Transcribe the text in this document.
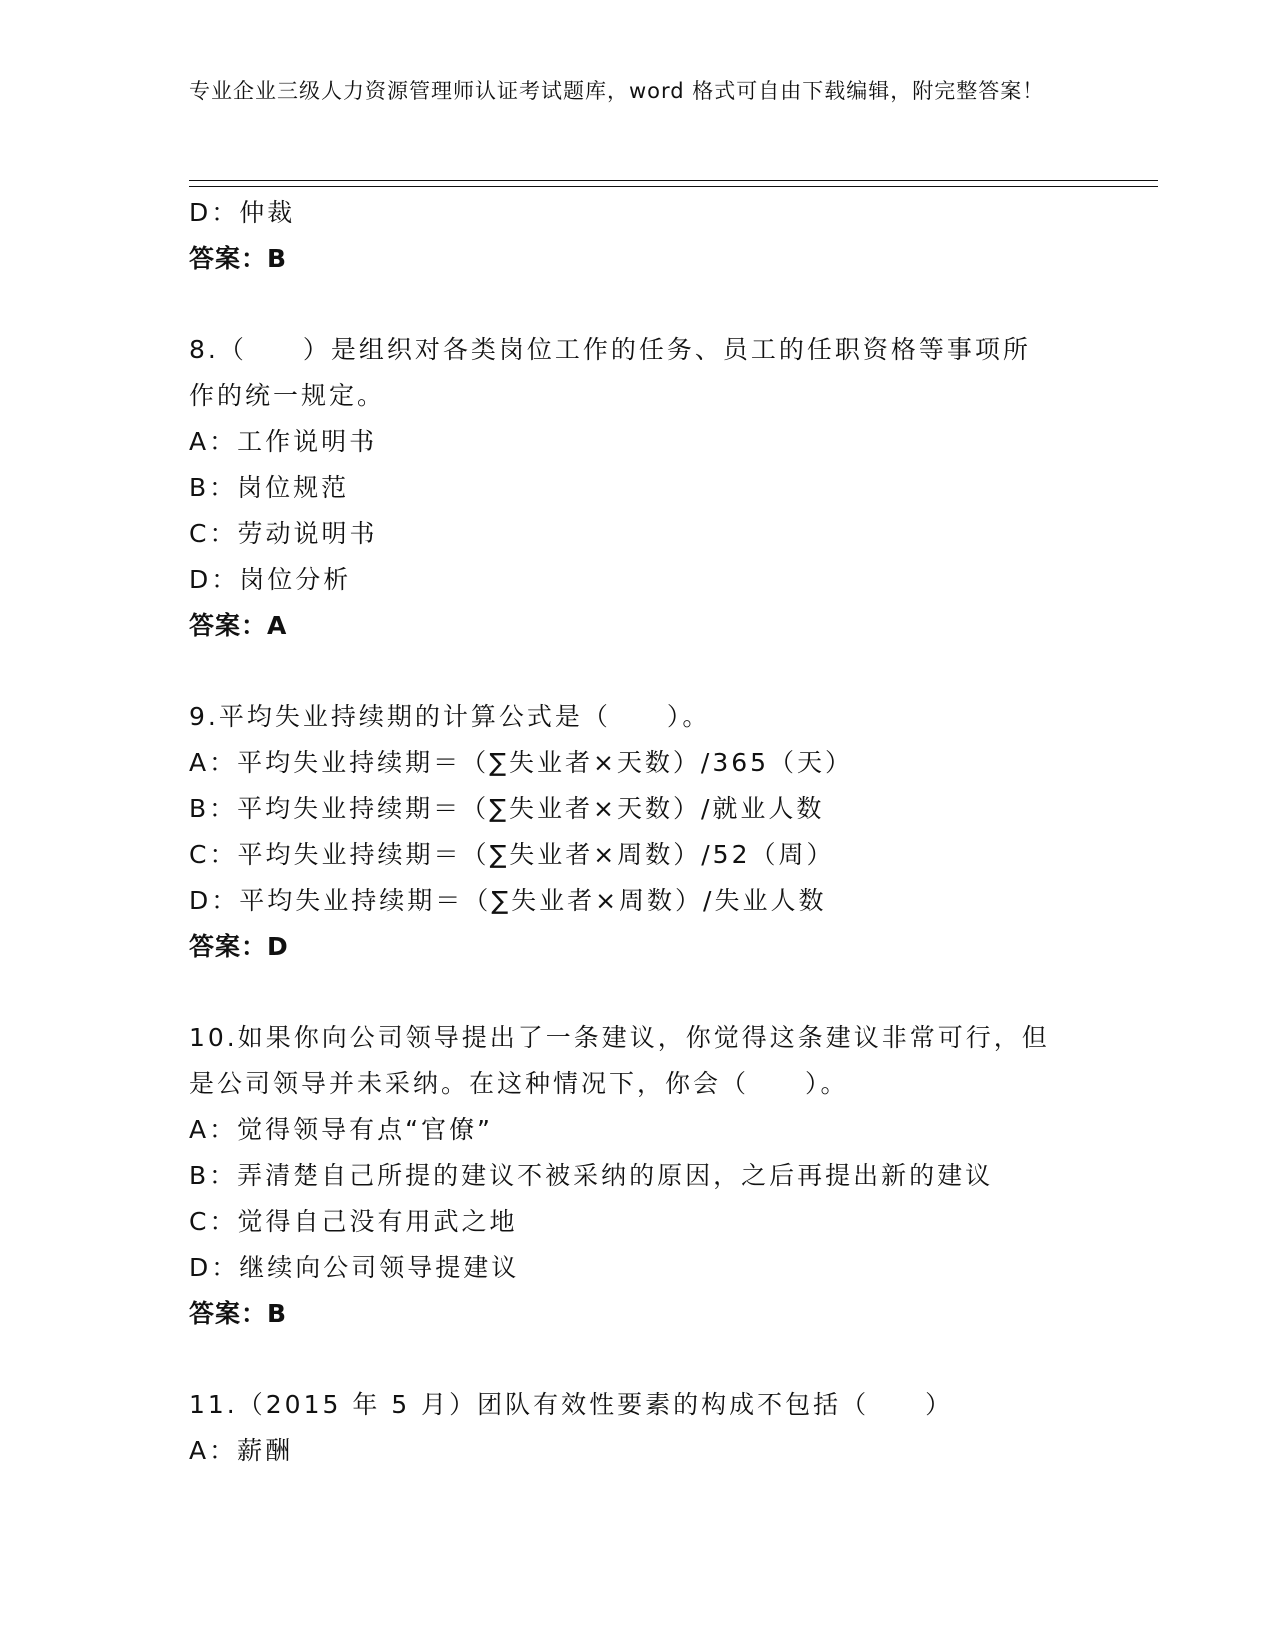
专业企业三级人力资源管理师认证考试题库，word 格式可自由下载编辑，附完整答案！
D：仲裁
答案：B
8.（　　）是组织对各类岗位工作的任务、员工的任职资格等事项所
作的统一规定。
A：工作说明书
B：岗位规范
C：劳动说明书
D：岗位分析
答案：A
9.平均失业持续期的计算公式是（　　）。
A：平均失业持续期＝（∑失业者×天数）/365（天）
B：平均失业持续期＝（∑失业者×天数）/就业人数
C：平均失业持续期＝（∑失业者×周数）/52（周）
D：平均失业持续期＝（∑失业者×周数）/失业人数
答案：D
10.如果你向公司领导提出了一条建议，你觉得这条建议非常可行，但
是公司领导并未采纳。在这种情况下，你会（　　）。
A：觉得领导有点“官僚”
B：弄清楚自己所提的建议不被采纳的原因，之后再提出新的建议
C：觉得自己没有用武之地
D：继续向公司领导提建议
答案：B
11.（2015 年 5 月）团队有效性要素的构成不包括（　　）
A：薪酬
